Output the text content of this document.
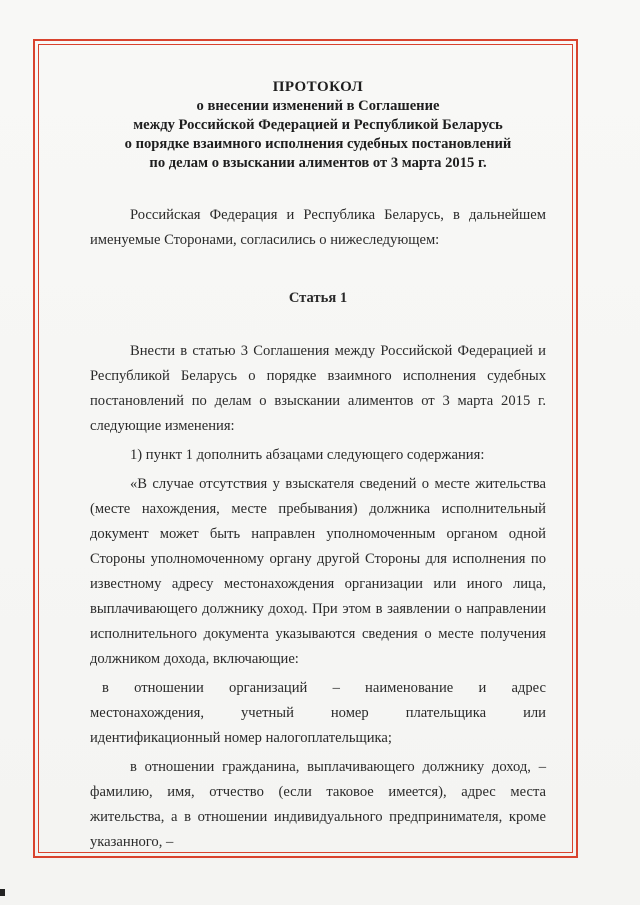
ПРОТОКОЛ
о внесении изменений в Соглашение
между Российской Федерацией и Республикой Беларусь
о порядке взаимного исполнения судебных постановлений
по делам о взыскании алиментов от 3 марта 2015 г.

Российская Федерация и Республика Беларусь, в дальнейшем именуемые Сторонами, согласились о нижеследующем:

Статья 1

Внести в статью 3 Соглашения между Российской Федерацией и Республикой Беларусь о порядке взаимного исполнения судебных постановлений по делам о взыскании алиментов от 3 марта 2015 г. следующие изменения:

1) пункт 1 дополнить абзацами следующего содержания:

«В случае отсутствия у взыскателя сведений о месте жительства (месте нахождения, месте пребывания) должника исполнительный документ может быть направлен уполномоченным органом одной Стороны уполномоченному органу другой Стороны для исполнения по известному адресу местонахождения организации или иного лица, выплачивающего должнику доход. При этом в заявлении о направлении исполнительного документа указываются сведения о месте получения должником дохода, включающие:

в отношении организаций – наименование и адрес

местонахождения, учетный номер плательщика или идентификационный номер налогоплательщика;

в отношении гражданина, выплачивающего должнику доход, – фамилию, имя, отчество (если таковое имеется), адрес места жительства, а в отношении индивидуального предпринимателя, кроме указанного, –
